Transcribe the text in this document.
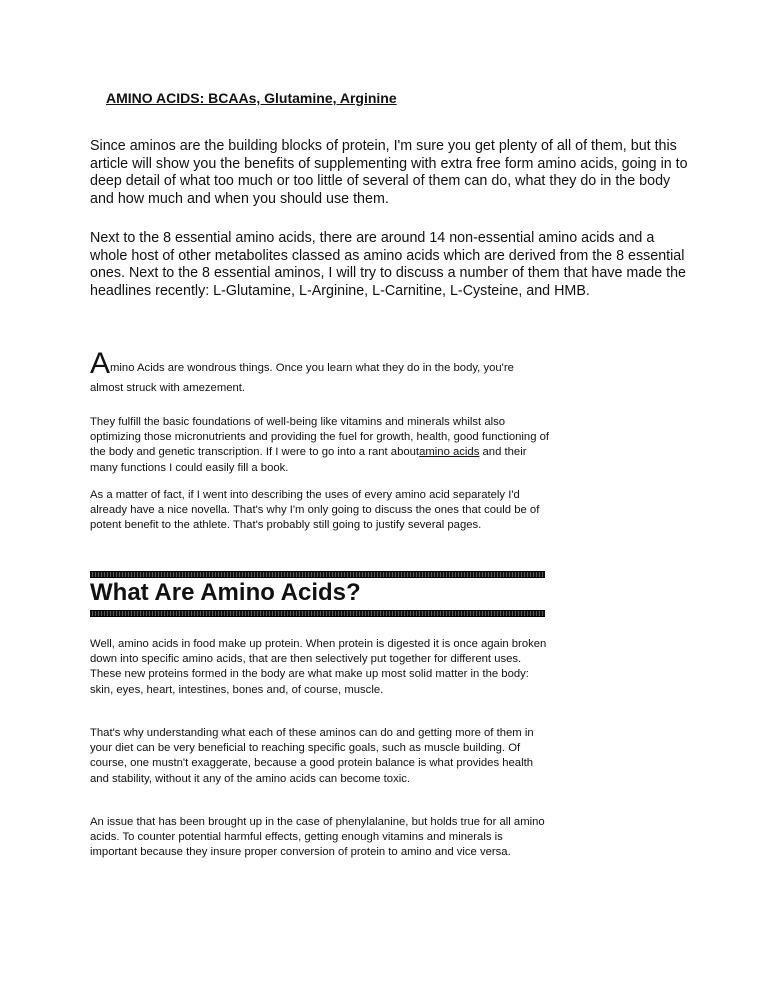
AMINO ACIDS: BCAAs, Glutamine, Arginine

Since aminos are the building blocks of protein, I'm sure you get plenty of all of them, but this article will show you the benefits of supplementing with extra free form amino acids, going in to deep detail of what too much or too little of several of them can do, what they do in the body and how much and when you should use them.

Next to the 8 essential amino acids, there are around 14 non-essential amino acids and a whole host of other metabolites classed as amino acids which are derived from the 8 essential ones. Next to the 8 essential aminos, I will try to discuss a number of them that have made the headlines recently: L-Glutamine, L-Arginine, L-Carnitine, L-Cysteine, and HMB.

Amino Acids are wondrous things. Once you learn what they do in the body, you're almost struck with amezement.

They fulfill the basic foundations of well-being like vitamins and minerals whilst also optimizing those micronutrients and providing the fuel for growth, health, good functioning of the body and genetic transcription. If I were to go into a rant aboutamino acids and their many functions I could easily fill a book.

As a matter of fact, if I went into describing the uses of every amino acid separately I'd already have a nice novella. That's why I'm only going to discuss the ones that could be of potent benefit to the athlete. That's probably still going to justify several pages.

What Are Amino Acids?

Well, amino acids in food make up protein. When protein is digested it is once again broken down into specific amino acids, that are then selectively put together for different uses. These new proteins formed in the body are what make up most solid matter in the body: skin, eyes, heart, intestines, bones and, of course, muscle.

That's why understanding what each of these aminos can do and getting more of them in your diet can be very beneficial to reaching specific goals, such as muscle building. Of course, one mustn't exaggerate, because a good protein balance is what provides health and stability, without it any of the amino acids can become toxic.

An issue that has been brought up in the case of phenylalanine, but holds true for all amino acids. To counter potential harmful effects, getting enough vitamins and minerals is important because they insure proper conversion of protein to amino and vice versa.
